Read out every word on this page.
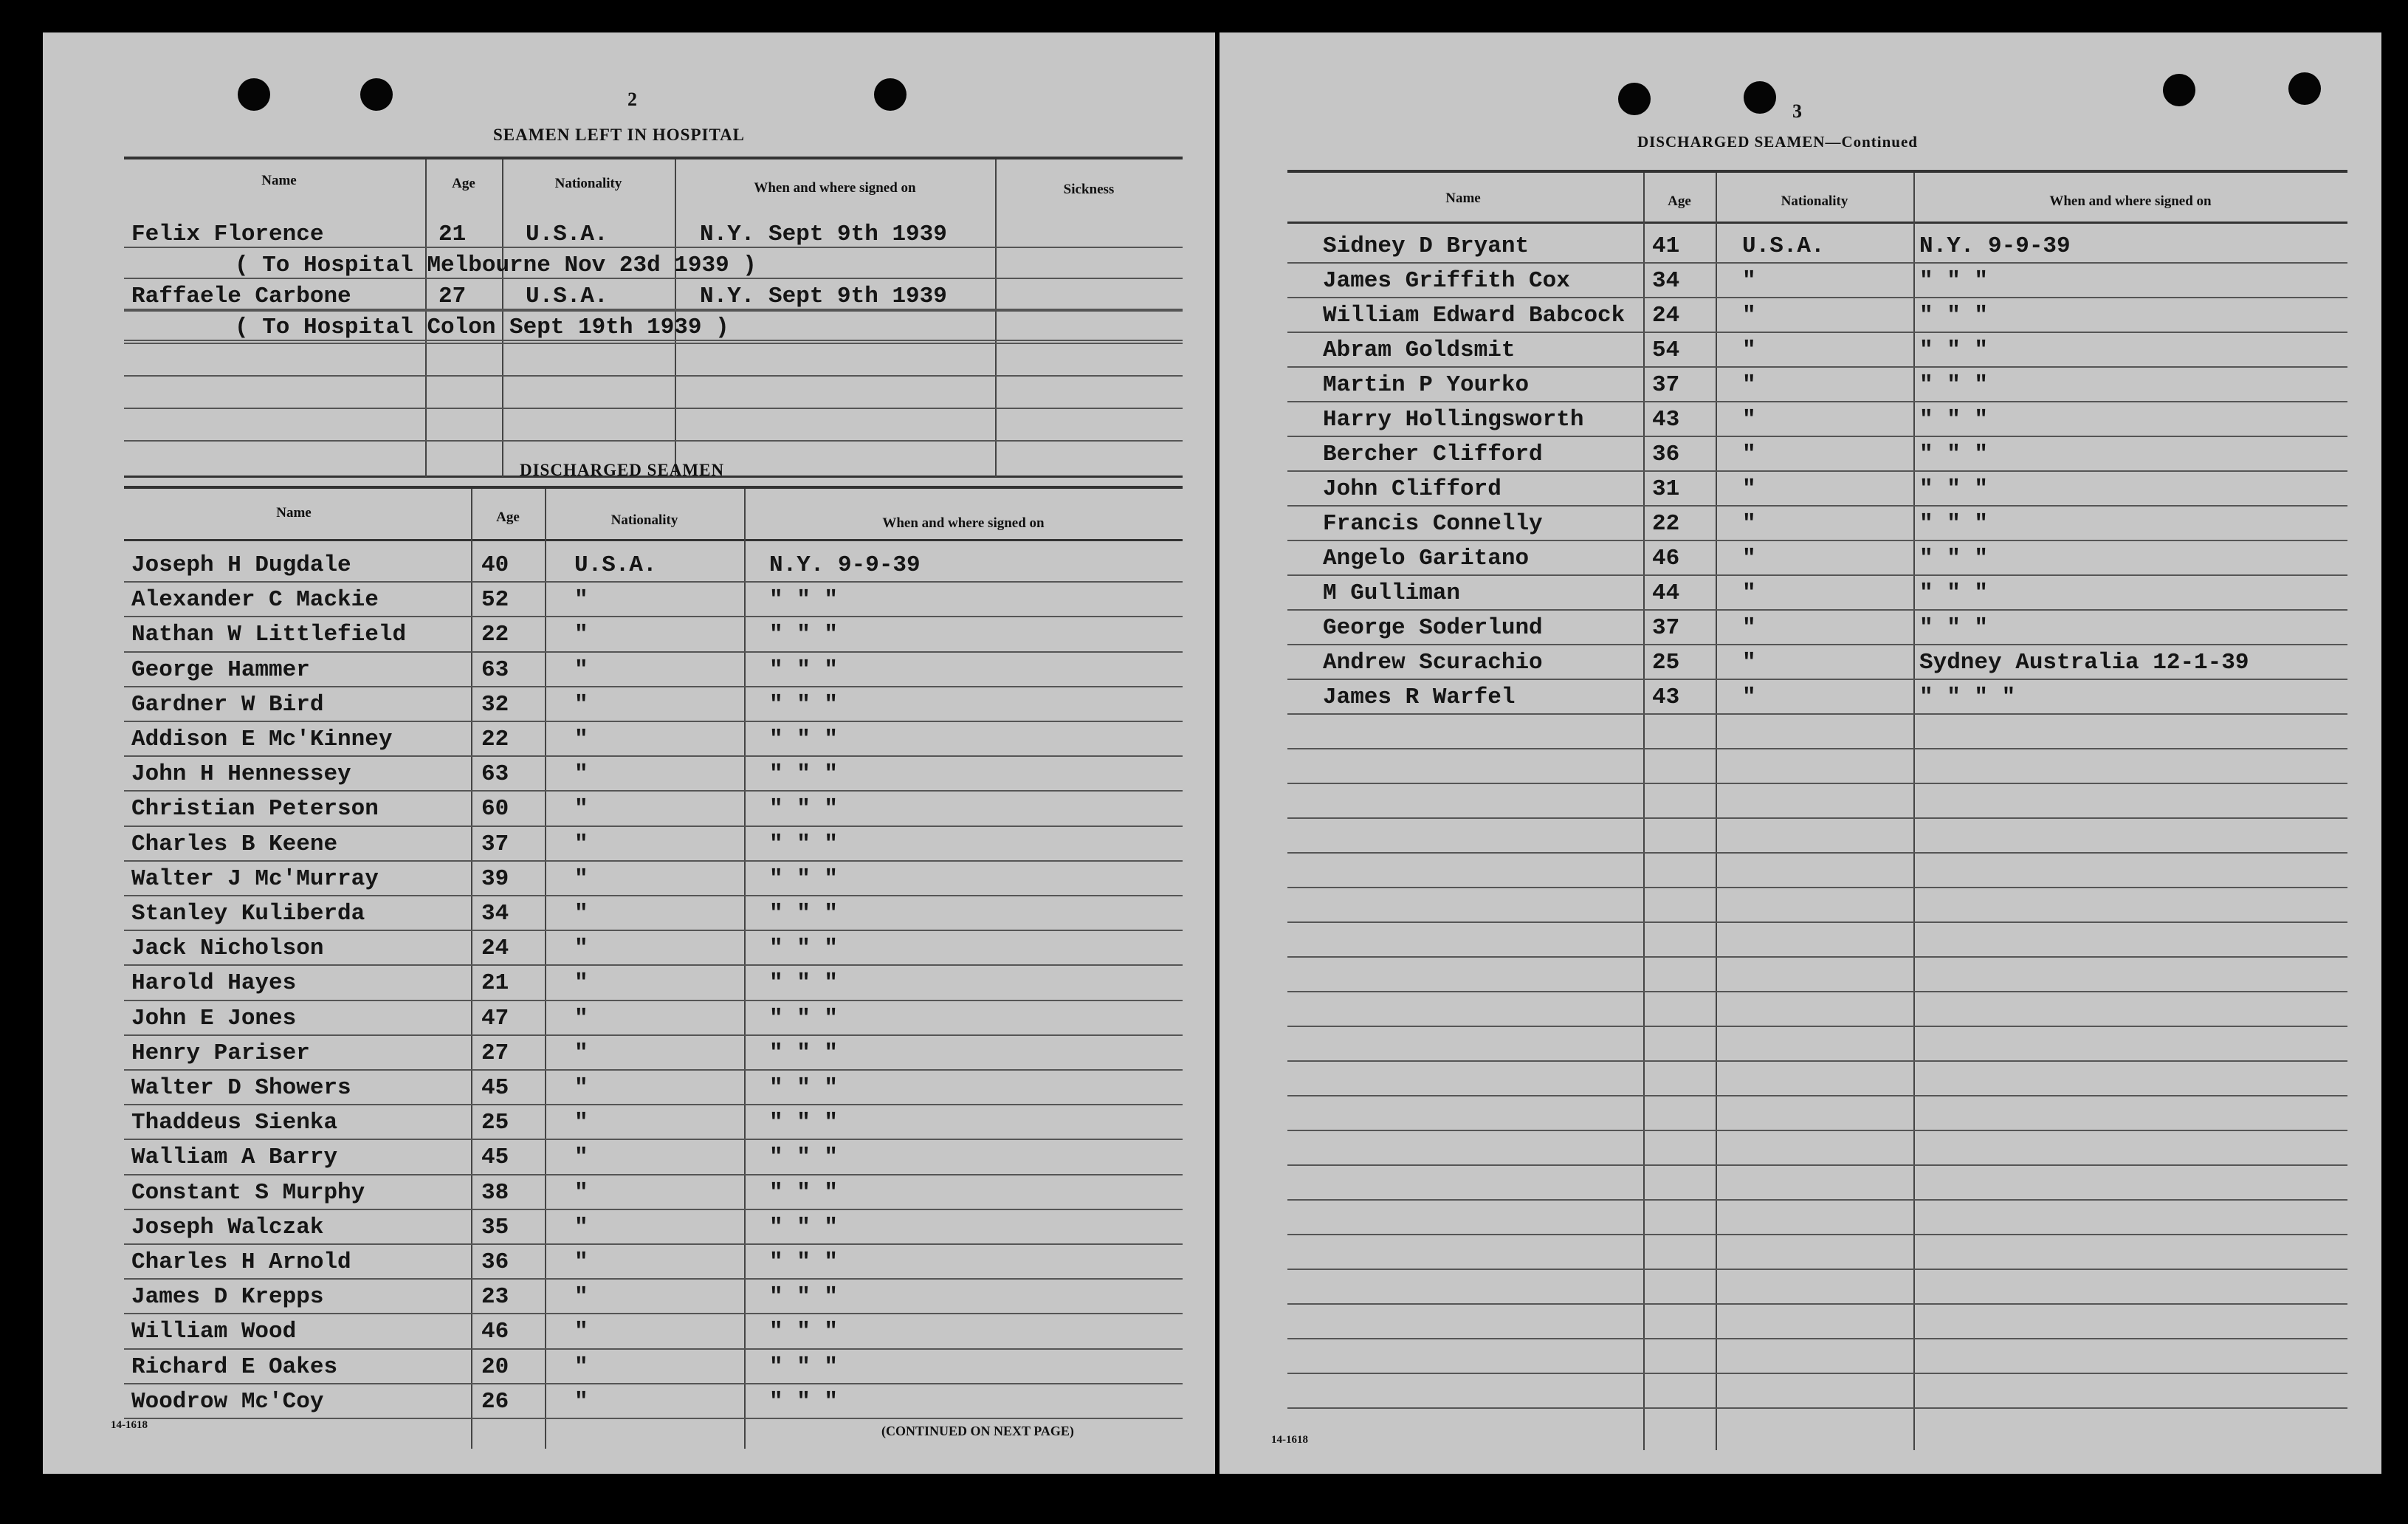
2
SEAMEN LEFT IN HOSPITAL
Name	Age	Nationality	When and where signed on	Sickness
Felix Florence	21	U.S.A.	N.Y. Sept 9th 1939
( To Hospital Melbourne Nov 23d 1939 )
Raffaele Carbone	27	U.S.A.	N.Y. Sept 9th 1939
( To Hospital Colon Sept 19th 1939 )
DISCHARGED SEAMEN
Name	Age	Nationality	When and where signed on
Joseph H Dugdale	40	U.S.A.	N.Y. 9-9-39
Alexander C Mackie	52	"	" " "
Nathan W Littlefield	22	"	" " "
George Hammer	63	"	" " "
Gardner W Bird	32	"	" " "
Addison E Mc'Kinney	22	"	" " "
John H Hennessey	63	"	" " "
Christian Peterson	60	"	" " "
Charles B Keene	37	"	" " "
Walter J Mc'Murray	39	"	" " "
Stanley Kuliberda	34	"	" " "
Jack Nicholson	24	"	" " "
Harold Hayes	21	"	" " "
John E Jones	47	"	" " "
Henry Pariser	27	"	" " "
Walter D Showers	45	"	" " "
Thaddeus Sienka	25	"	" " "
Walliam A Barry	45	"	" " "
Constant S Murphy	38	"	" " "
Joseph Walczak	35	"	" " "
Charles H Arnold	36	"	" " "
James D Krepps	23	"	" " "
William Wood	46	"	" " "
Richard E Oakes	20	"	" " "
Woodrow Mc'Coy	26	"	" " "
14-1618	(CONTINUED ON NEXT PAGE)
3
DISCHARGED SEAMEN—Continued
Name	Age	Nationality	When and where signed on
Sidney D Bryant	41	U.S.A.	N.Y. 9-9-39
James Griffith Cox	34	"	" " "
William Edward Babcock 24	"	" " "
Abram Goldsmit	54	"	" " "
Martin P Yourko	37	"	" " "
Harry Hollingsworth	43	"	" " "
Bercher Clifford	36	"	" " "
John Clifford	31	"	" " "
Francis Connelly	22	"	" " "
Angelo Garitano	46	"	" " "
M Gulliman	44	"	" " "
George Soderlund	37	"	" " "
Andrew Scurachio	25	"	Sydney Australia 12-1-39
James R Warfel	43	"	" " " "
14-1618
